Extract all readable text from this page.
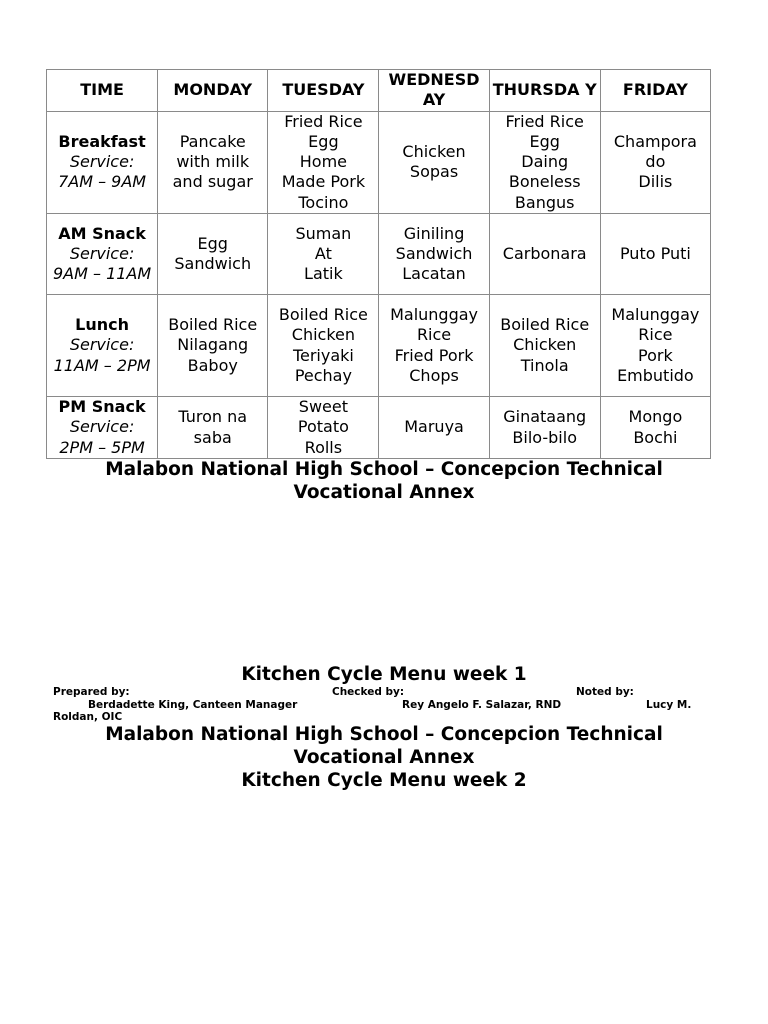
TIME	MONDAY	TUESDAY	WEDNESD AY	THURSDA Y	FRIDAY

Breakfast
Service:
7AM – 9AM	Pancake
with milk
and sugar	Fried Rice
Egg
Home
Made Pork
Tocino	Chicken
Sopas	Fried Rice
Egg
Daing
Boneless
Bangus	Champora
do
Dilis

AM Snack
Service:
9AM – 11AM	Egg
Sandwich	Suman
At
Latik	Giniling
Sandwich
Lacatan	Carbonara	Puto Puti

Lunch
Service:
11AM – 2PM	Boiled Rice
Nilagang
Baboy	Boiled Rice
Chicken
Teriyaki
Pechay	Malunggay
Rice
Fried Pork
Chops	Boiled Rice
Chicken
Tinola	Malunggay
Rice
Pork
Embutido

PM Snack
Service:
2PM – 5PM	Turon na
saba	Sweet
Potato
Rolls	Maruya	Ginataang
Bilo-bilo	Mongo
Bochi
Malabon National High School – Concepcion Technical
Vocational Annex
Kitchen Cycle Menu week 1
Prepared by:	Checked by:	Noted by:
Berdadette King, Canteen Manager	Rey Angelo F. Salazar, RND	Lucy M.
Roldan, OIC
Malabon National High School – Concepcion Technical
Vocational Annex
Kitchen Cycle Menu week 2
